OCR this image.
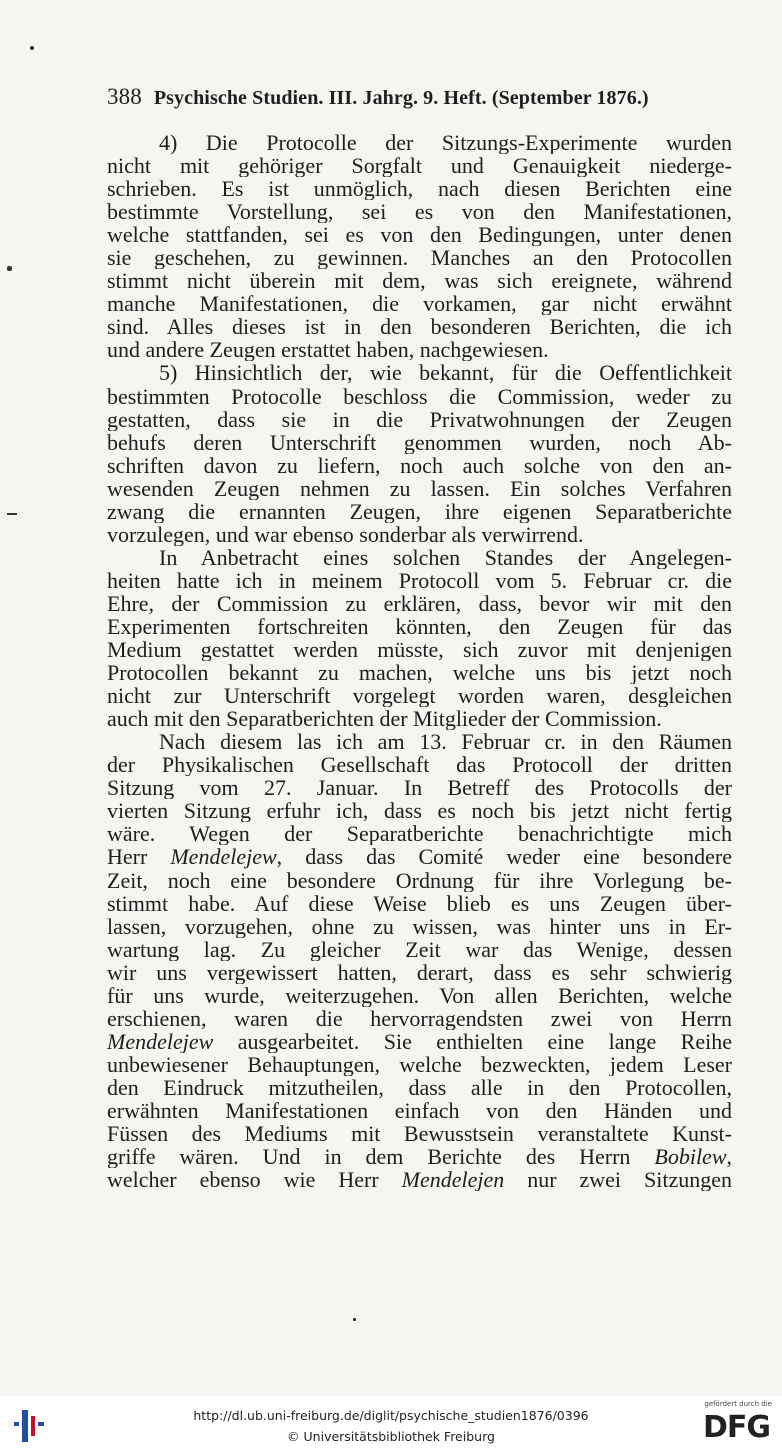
388 Psychische Studien. III. Jahrg. 9. Heft. (September 1876.)
4) Die Protocolle der Sitzungs-Experimente wurden
nicht mit gehöriger Sorgfalt und Genauigkeit niederge-
schrieben. Es ist unmöglich, nach diesen Berichten eine
bestimmte Vorstellung, sei es von den Manifestationen,
welche stattfanden, sei es von den Bedingungen, unter denen
sie geschehen, zu gewinnen. Manches an den Protocollen
stimmt nicht überein mit dem, was sich ereignete, während
manche Manifestationen, die vorkamen, gar nicht erwähnt
sind. Alles dieses ist in den besonderen Berichten, die ich
und andere Zeugen erstattet haben, nachgewiesen.
5) Hinsichtlich der, wie bekannt, für die Oeffentlichkeit
bestimmten Protocolle beschloss die Commission, weder zu
gestatten, dass sie in die Privatwohnungen der Zeugen
behufs deren Unterschrift genommen wurden, noch Ab-
schriften davon zu liefern, noch auch solche von den an-
wesenden Zeugen nehmen zu lassen. Ein solches Verfahren
zwang die ernannten Zeugen, ihre eigenen Separatberichte
vorzulegen, und war ebenso sonderbar als verwirrend.
In Anbetracht eines solchen Standes der Angelegen-
heiten hatte ich in meinem Protocoll vom 5. Februar cr. die
Ehre, der Commission zu erklären, dass, bevor wir mit den
Experimenten fortschreiten könnten, den Zeugen für das
Medium gestattet werden müsste, sich zuvor mit denjenigen
Protocollen bekannt zu machen, welche uns bis jetzt noch
nicht zur Unterschrift vorgelegt worden waren, desgleichen
auch mit den Separatberichten der Mitglieder der Commission.
Nach diesem las ich am 13. Februar cr. in den Räumen
der Physikalischen Gesellschaft das Protocoll der dritten
Sitzung vom 27. Januar. In Betreff des Protocolls der
vierten Sitzung erfuhr ich, dass es noch bis jetzt nicht fertig
wäre. Wegen der Separatberichte benachrichtigte mich
Herr Mendelejew, dass das Comité weder eine besondere
Zeit, noch eine besondere Ordnung für ihre Vorlegung be-
stimmt habe. Auf diese Weise blieb es uns Zeugen über-
lassen, vorzugehen, ohne zu wissen, was hinter uns in Er-
wartung lag. Zu gleicher Zeit war das Wenige, dessen
wir uns vergewissert hatten, derart, dass es sehr schwierig
für uns wurde, weiterzugehen. Von allen Berichten, welche
erschienen, waren die hervorragendsten zwei von Herrn
Mendelejew ausgearbeitet. Sie enthielten eine lange Reihe
unbewiesener Behauptungen, welche bezweckten, jedem Leser
den Eindruck mitzutheilen, dass alle in den Protocollen,
erwähnten Manifestationen einfach von den Händen und
Füssen des Mediums mit Bewusstsein veranstaltete Kunst-
griffe wären. Und in dem Berichte des Herrn Bobilew,
welcher ebenso wie Herr Mendelejen nur zwei Sitzungen
http://dl.ub.uni-freiburg.de/diglit/psychische_studien1876/0396
© Universitätsbibliothek Freiburg
gefördert durch die
DFG
